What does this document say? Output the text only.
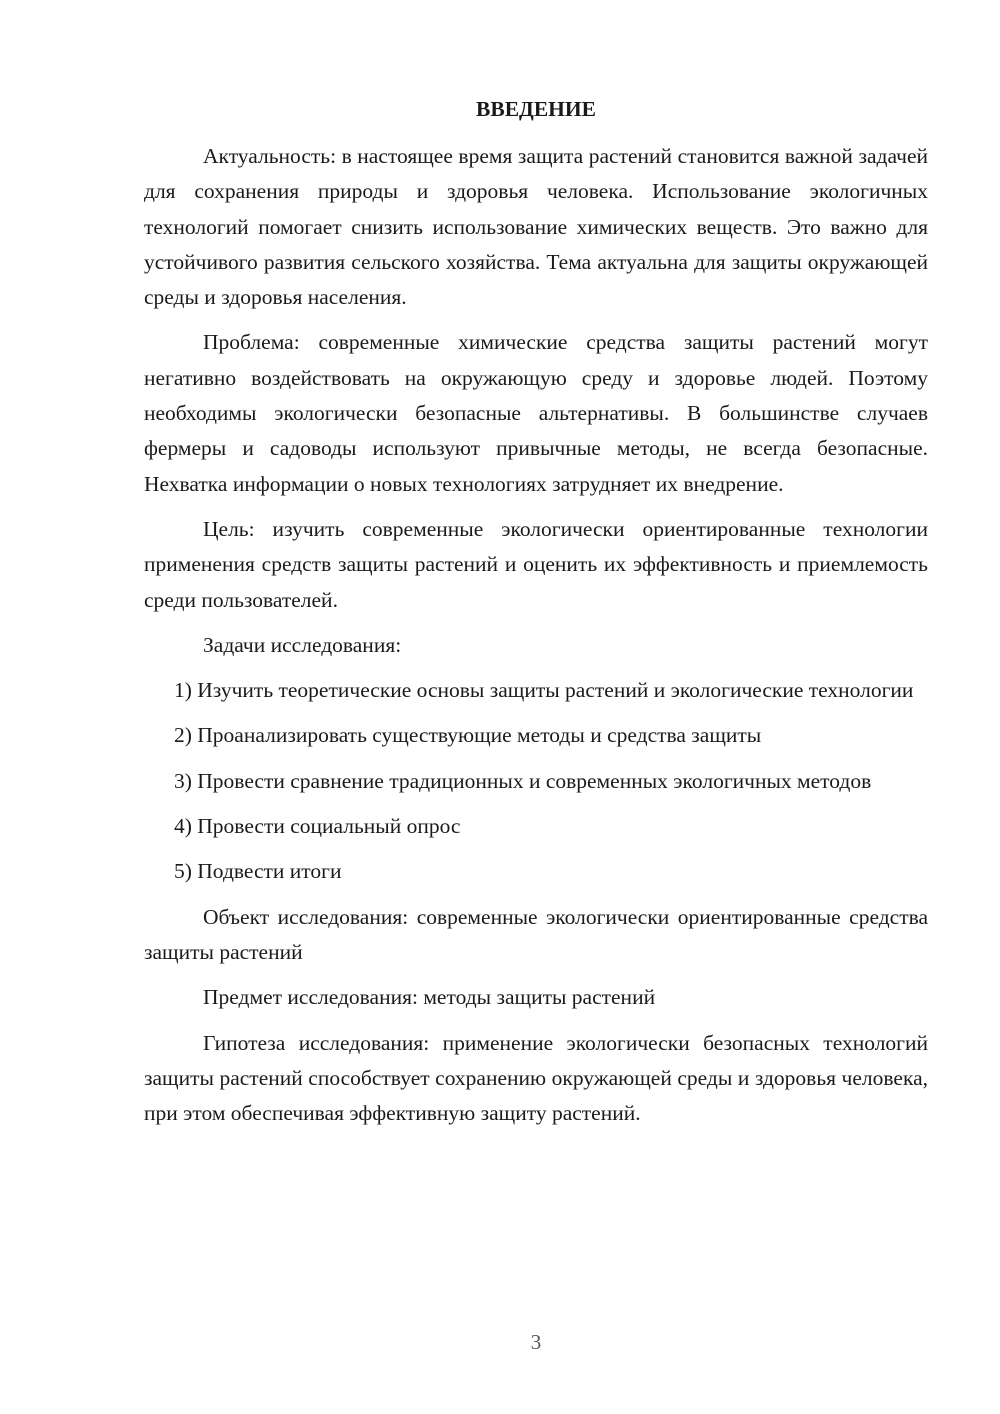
ВВЕДЕНИЕ

Актуальность: в настоящее время защита растений становится важной задачей для сохранения природы и здоровья человека. Использование экологичных технологий помогает снизить использование химических веществ. Это важно для устойчивого развития сельского хозяйства. Тема актуальна для защиты окружающей среды и здоровья населения.

Проблема: современные химические средства защиты растений могут негативно воздействовать на окружающую среду и здоровье людей. Поэтому необходимы экологически безопасные альтернативы. В большинстве случаев фермеры и садоводы используют привычные методы, не всегда безопасные. Нехватка информации о новых технологиях затрудняет их внедрение.

Цель: изучить современные экологически ориентированные технологии применения средств защиты растений и оценить их эффективность и приемлемость среди пользователей.

Задачи исследования:

1) Изучить теоретические основы защиты растений и экологические технологии

2) Проанализировать существующие методы и средства защиты

3) Провести сравнение традиционных и современных экологичных методов

4) Провести социальный опрос

5) Подвести итоги

Объект исследования: современные экологически ориентированные средства защиты растений

Предмет исследования: методы защиты растений

Гипотеза исследования: применение экологически безопасных технологий защиты растений способствует сохранению окружающей среды и здоровья человека, при этом обеспечивая эффективную защиту растений.

3
